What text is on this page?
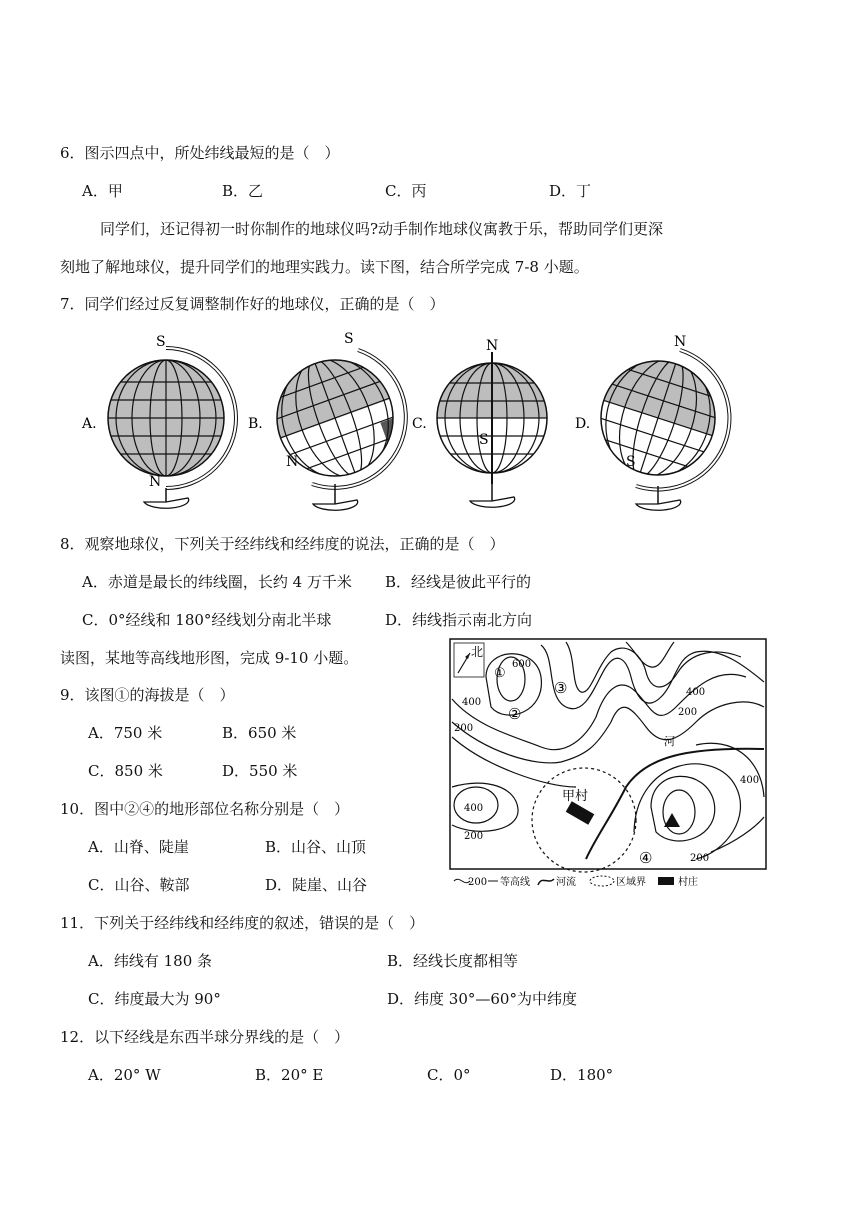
6．图示四点中，所处纬线最短的是（　）
A．甲	B．乙	C．丙	D．丁
同学们，还记得初一时你制作的地球仪吗?动手制作地球仪寓教于乐，帮助同学们更深
刻地了解地球仪，提升同学们的地理实践力。读下图，结合所学完成 7-8 小题。
7．同学们经过反复调整制作好的地球仪，正确的是（　）
A.
S
N
B.
S
N
C.
N
S
D.
N
S
8．观察地球仪，下列关于经纬线和经纬度的说法，正确的是（　）
A．赤道是最长的纬线圈，长约 4 万千米 B．经线是彼此平行的
C．0°经线和 180°经线划分南北半球	D．纬线指示南北方向
读图，某地等高线地形图，完成 9-10 小题。
9．该图①的海拔是（　）
A．750 米	B．650 米
C．850 米	D．550 米
10．图中②④的地形部位名称分别是（　）
A．山脊、陡崖	B．山谷、山顶
C．山谷、鞍部	D．陡崖、山谷
北
①
②
③
④
甲村
河
600
400
200
400
200
400
200
400
200
200 等高线	河流	区域界	村庄
11．下列关于经纬线和经纬度的叙述，错误的是（　）
A．纬线有 180 条	B．经线长度都相等
C．纬度最大为 90°	D．纬度 30°—60°为中纬度
12．以下经线是东西半球分界线的是（　）
A．20° W	B．20° E	C．0°	D．180°
